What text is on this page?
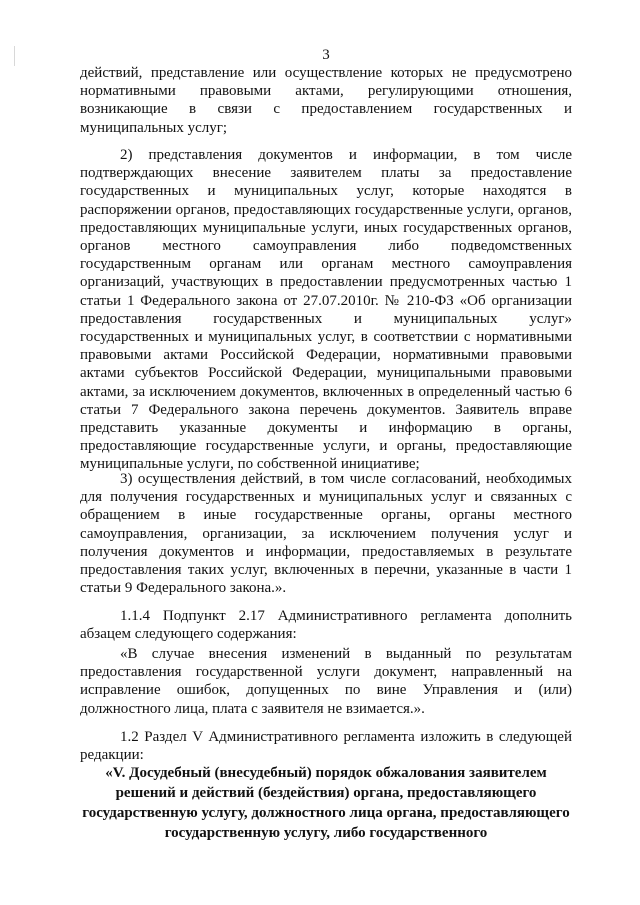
3
действий, представление или осуществление которых не предусмотрено нормативными правовыми актами, регулирующими отношения, возникающие в связи с предоставлением государственных и муниципальных услуг;
2) представления документов и информации, в том числе подтверждающих внесение заявителем платы за предоставление государственных и муниципальных услуг, которые находятся в распоряжении органов, предоставляющих государственные услуги, органов, предоставляющих муниципальные услуги, иных государственных органов, органов местного самоуправления либо подведомственных государственным органам или органам местного самоуправления организаций, участвующих в предоставлении предусмотренных частью 1 статьи 1 Федерального закона от 27.07.2010г. № 210-ФЗ «Об организации предоставления государственных и муниципальных услуг» государственных и муниципальных услуг, в соответствии с нормативными правовыми актами Российской Федерации, нормативными правовыми актами субъектов Российской Федерации, муниципальными правовыми актами, за исключением документов, включенных в определенный частью 6 статьи 7 Федерального закона перечень документов. Заявитель вправе представить указанные документы и информацию в органы, предоставляющие государственные услуги, и органы, предоставляющие муниципальные услуги, по собственной инициативе;
3) осуществления действий, в том числе согласований, необходимых для получения государственных и муниципальных услуг и связанных с обращением в иные государственные органы, органы местного самоуправления, организации, за исключением получения услуг и получения документов и информации, предоставляемых в результате предоставления таких услуг, включенных в перечни, указанные в части 1 статьи 9 Федерального закона.».
1.1.4 Подпункт 2.17 Административного регламента дополнить абзацем следующего содержания:
«В случае внесения изменений в выданный по результатам предоставления государственной услуги документ, направленный на исправление ошибок, допущенных по вине Управления и (или) должностного лица, плата с заявителя не взимается.».
1.2 Раздел V Административного регламента изложить в следующей редакции:
«V. Досудебный (внесудебный) порядок обжалования заявителем решений и действий (бездействия) органа, предоставляющего государственную услугу, должностного лица органа, предоставляющего государственную услугу, либо государственного
